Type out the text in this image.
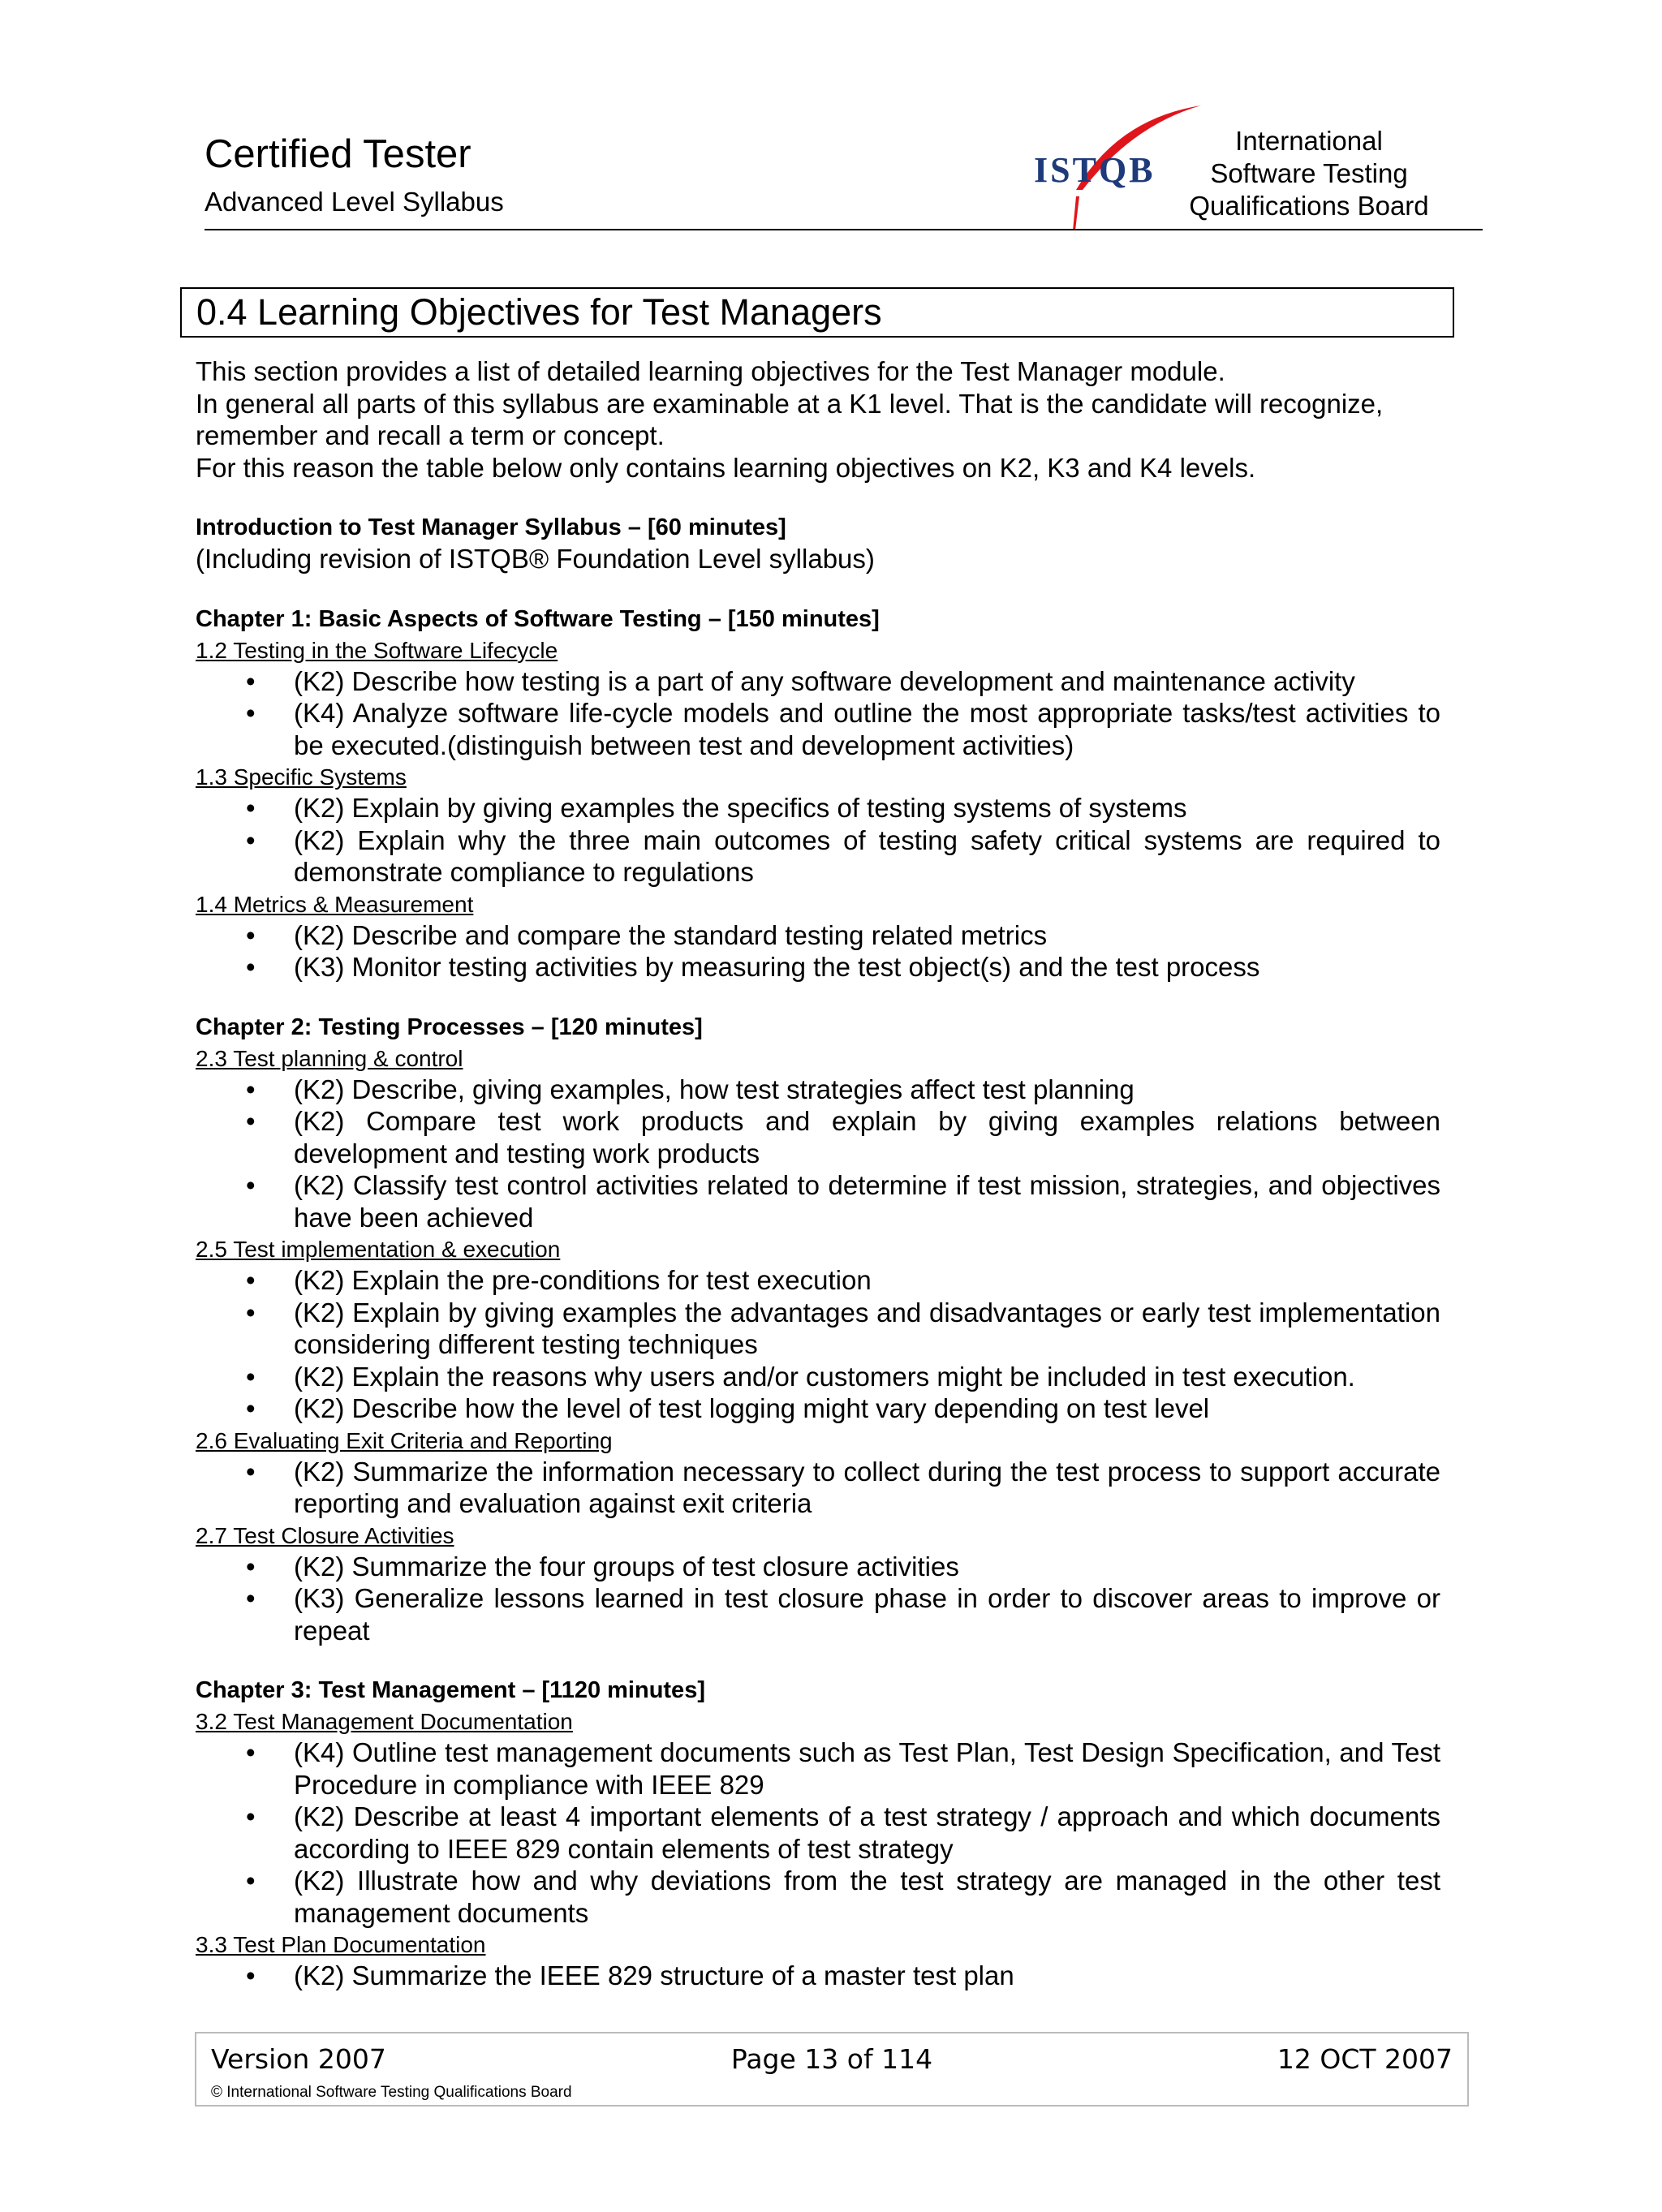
Certified Tester
Advanced Level Syllabus
ISTQB
International
Software Testing
Qualifications Board
0.4 Learning Objectives for Test Managers

This section provides a list of detailed learning objectives for the Test Manager module.

In general all parts of this syllabus are examinable at a K1 level. That is the candidate will recognize, remember and recall a term or concept.

For this reason the table below only contains learning objectives on K2, K3 and K4 levels.

Introduction to Test Manager Syllabus – [60 minutes]

(Including revision of ISTQB® Foundation Level syllabus)

Chapter 1: Basic Aspects of Software Testing – [150 minutes]
1.2 Testing in the Software Lifecycle
• (K2) Describe how testing is a part of any software development and maintenance activity
• (K4) Analyze software life-cycle models and outline the most appropriate tasks/test activities to be executed.(distinguish between test and development activities)
1.3 Specific Systems
• (K2) Explain by giving examples the specifics of testing systems of systems
• (K2) Explain why the three main outcomes of testing safety critical systems are required to demonstrate compliance to regulations
1.4 Metrics & Measurement
• (K2) Describe and compare the standard testing related metrics
• (K3) Monitor testing activities by measuring the test object(s) and the test process
Chapter 2: Testing Processes – [120 minutes]
2.3 Test planning & control
• (K2) Describe, giving examples, how test strategies affect test planning
• (K2) Compare test work products and explain by giving examples relations between development and testing work products
• (K2) Classify test control activities related to determine if test mission, strategies, and objectives have been achieved
2.5 Test implementation & execution
• (K2) Explain the pre-conditions for test execution
• (K2) Explain by giving examples the advantages and disadvantages or early test implementation considering different testing techniques
• (K2) Explain the reasons why users and/or customers might be included in test execution.
• (K2) Describe how the level of test logging might vary depending on test level
2.6 Evaluating Exit Criteria and Reporting
• (K2) Summarize the information necessary to collect during the test process to support accurate reporting and evaluation against exit criteria
2.7 Test Closure Activities
• (K2) Summarize the four groups of test closure activities
• (K3) Generalize lessons learned in test closure phase in order to discover areas to improve or repeat
Chapter 3: Test Management – [1120 minutes]
3.2 Test Management Documentation
• (K4) Outline test management documents such as Test Plan, Test Design Specification, and Test Procedure in compliance with IEEE 829
• (K2) Describe at least 4 important elements of a test strategy / approach and which documents according to IEEE 829 contain elements of test strategy
• (K2) Illustrate how and why deviations from the test strategy are managed in the other test management documents
3.3 Test Plan Documentation
• (K2) Summarize the IEEE 829 structure of a master test plan
Version 2007	Page 13 of 114	12 OCT 2007
© International Software Testing Qualifications Board
